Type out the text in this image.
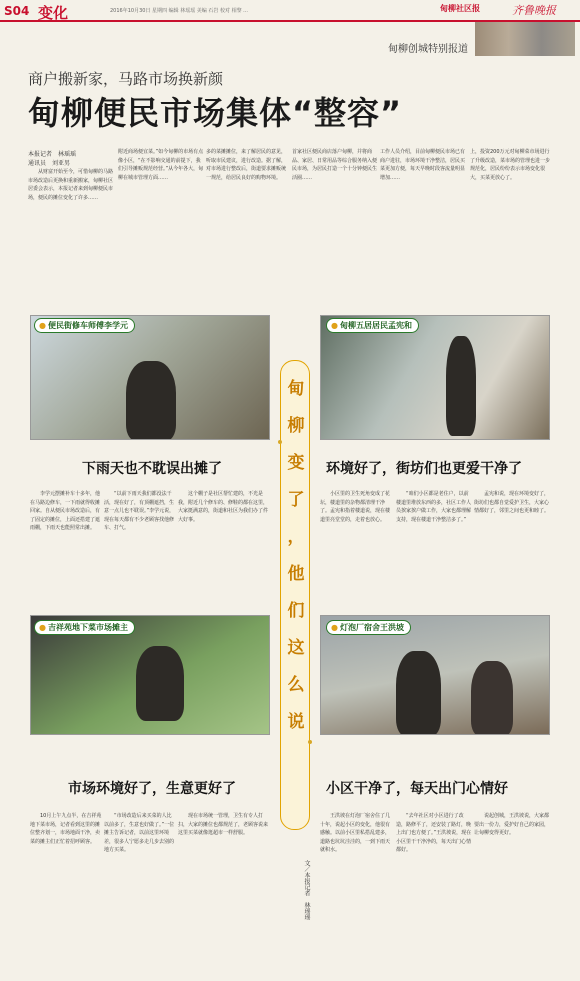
S04 变化	2016年10月30日 星期四 编辑 林瑶瑶 美编 石岩 校对 相黎 ...	甸柳社区报	齐鲁晚报
甸柳创城特别报道
商户搬新家，马路市场换新颜
甸柳便民市场集体“整容”
本报记者　林瑶瑶
通讯员　刘亚男
　　从财富开始至今，可惜甸柳的马路市场改造后更换和重新搬家，甸柳社区居委会表示，本报记者来到甸柳便民市场，便民的摊位变化了许多……
附近商场便宜菜。”如今甸柳的市场有点像小区，“在不影响交通的前提下，我们引导摊贩规范经营。”从今年各大，甸柳在城市管理方面……
多的菜摊摊位，来了解居民的意见，听取市民建议，进行改造。据了解，对市场进行整改后，街道要求摊贩统一规范，给居民良好的购物环境。
首家社区便民商店落户甸柳，并将商品、家居、日常用品等综合服务纳入便民市场，为居民打造一个十分钟便民生活圈……
工作人员介绍，目前甸柳便民市场已有商户进驻，市场环境干净整洁，居民买菜更加方便，每天早晚时段客流量明显增加……
上，投资200万元对甸柳菜市场进行了升级改造，菜市场的管理也进一步规范化，居民纷纷表示市场变化很大，买菜更放心了。
● 便民街修车师傅李学元
下雨天也不耽误出摊了
　　李学元摆摊补车十多年，他在马路边修车，一下雨就得收摊回家。自从便民市场改造后，有了固定的摊位，上面还搭建了遮雨棚，下雨天也能照常出摊。
　　“以前下雨天我们都没法干活，现在好了，有顶棚遮挡，生意一点儿也不耽误。”李学元说，现在每天都有不少老顾客找他修车、打气。
　　这个棚子是社区帮忙建的，不光是我，附近几个修车的、修鞋的都在这里，大家挺满意的，街道和社区为我们办了件大好事。
● 甸柳五居居民孟宪和
环境好了，街坊们也更爱干净了
　　小区里的卫生死角变成了花坛，楼道里的杂物都清理干净了。孟宪和指着楼道说，现在楼道里亮堂堂的，走着也放心。
　　“咱们小区都是老住户，以前楼道里堆放东西的多，社区工作人员挨家挨户做工作，大家也都理解支持，现在楼道干净整洁多了。”
　　孟宪和说，现在环境变好了，街坊们也都自觉爱护卫生，大家心情都好了，邻里之间也更和睦了。
● 吉祥苑地下菜市场摊主
市场环境好了，生意更好了
　　10月上午九点半，在吉祥苑地下菜市场，记者看到这里的摊位整齐划一，市场地面干净，卖菜的摊主们正忙着招呼顾客。
　　“市场改造后来买菜的人比以前多了，生意也好做了。”一位摊主告诉记者，以前这里环境差，很多人宁愿多走几步去别的地方买菜。
　　现在市场统一管理，卫生有专人打扫，大家的摊位也都规范了，老顾客说来这里买菜就像逛超市一样舒服。
● 灯泡厂宿舍王洪坡
小区干净了，每天出门心情好
　　王洪坡在灯泡厂宿舍住了几十年，说起小区的变化，他很有感触。以前小区里私搭乱建多，道路也坑坑洼洼的，一到下雨天就积水。
　　“去年社区对小区进行了改造，路修平了，还安装了路灯，晚上出门也方便了。”王洪坡说，现在小区里干干净净的，每天出门心情都好。
　　说起创城，王洪坡说，大家都要出一份力，爱护好自己的家园，让甸柳变得更好。
甸
柳
变
了
，
他
们
这
么
说
文／本报记者　林瑶瑶
